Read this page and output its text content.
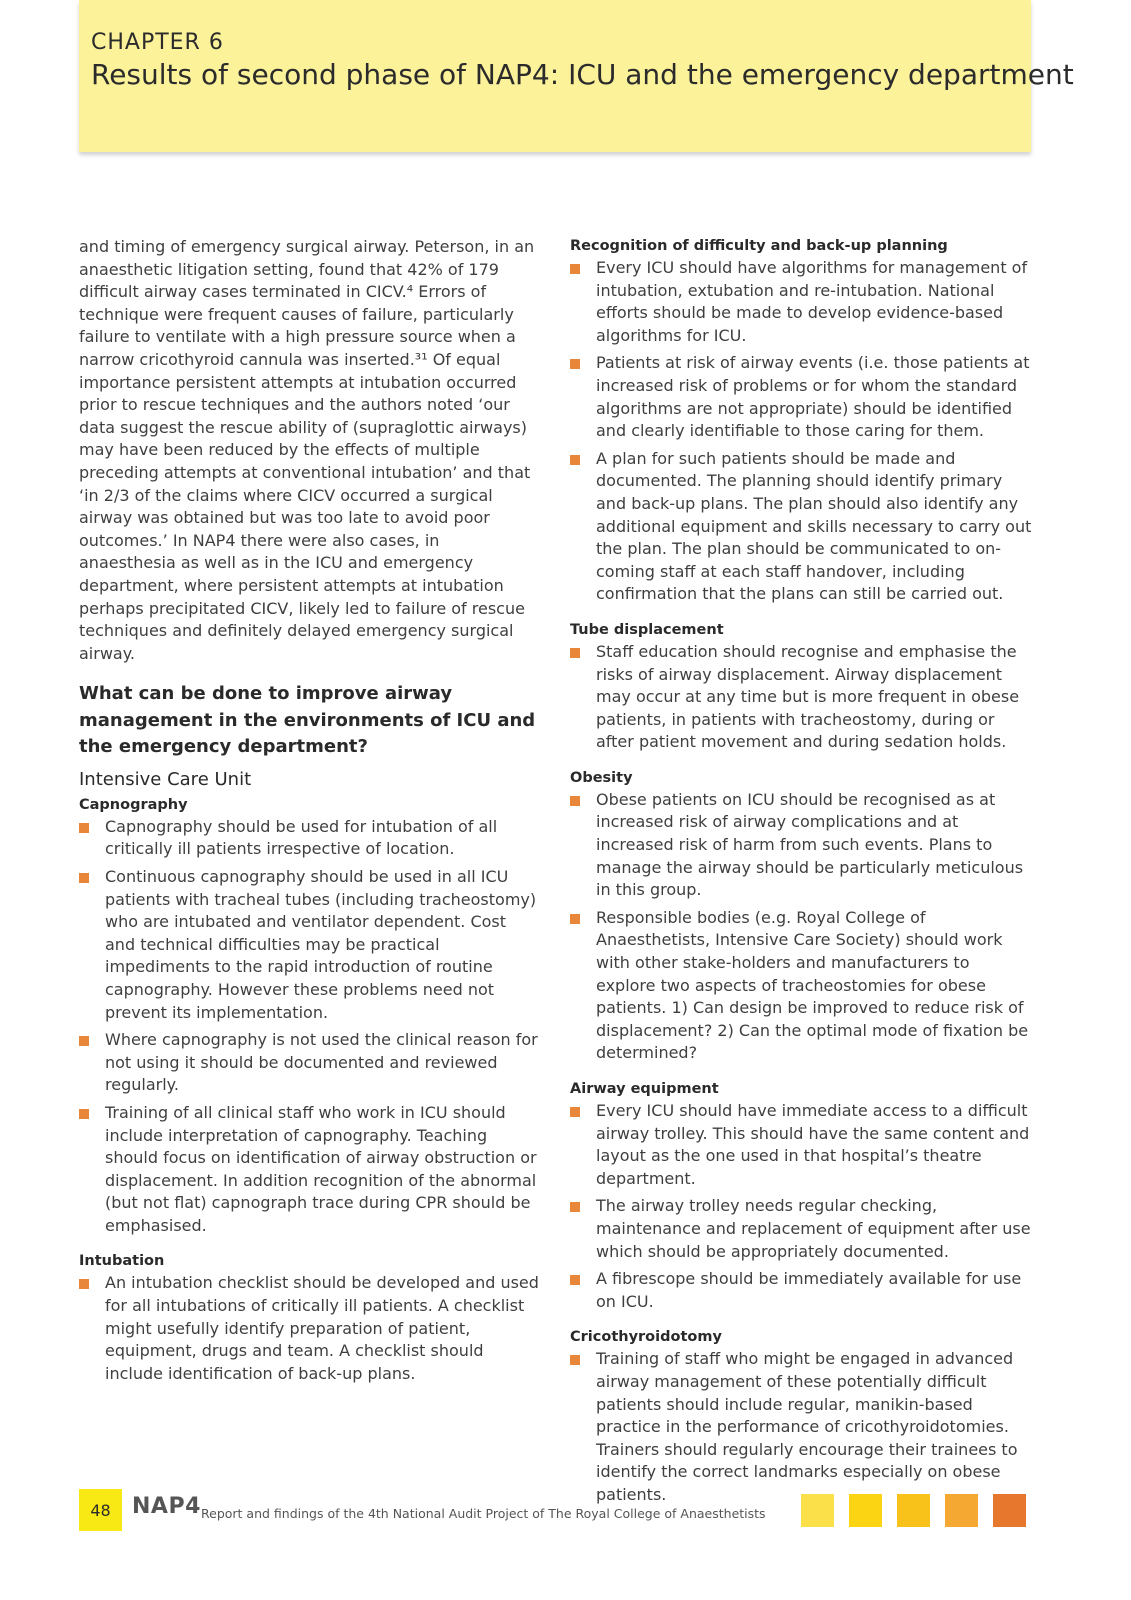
CHAPTER 6
Results of second phase of NAP4: ICU and the emergency department

and timing of emergency surgical airway. Peterson, in an anaesthetic litigation setting, found that 42% of 179 difficult airway cases terminated in CICV.⁴ Errors of technique were frequent causes of failure, particularly failure to ventilate with a high pressure source when a narrow cricothyroid cannula was inserted.³¹ Of equal importance persistent attempts at intubation occurred prior to rescue techniques and the authors noted ‘our data suggest the rescue ability of (supraglottic airways) may have been reduced by the effects of multiple preceding attempts at conventional intubation’ and that ‘in 2/3 of the claims where CICV occurred a surgical airway was obtained but was too late to avoid poor outcomes.’ In NAP4 there were also cases, in anaesthesia as well as in the ICU and emergency department, where persistent attempts at intubation perhaps precipitated CICV, likely led to failure of rescue techniques and definitely delayed emergency surgical airway.

What can be done to improve airway management in the environments of ICU and the emergency department?
Intensive Care Unit
Capnography
Capnography should be used for intubation of all critically ill patients irrespective of location.
Continuous capnography should be used in all ICU patients with tracheal tubes (including tracheostomy) who are intubated and ventilator dependent. Cost and technical difficulties may be practical impediments to the rapid introduction of routine capnography. However these problems need not prevent its implementation.
Where capnography is not used the clinical reason for not using it should be documented and reviewed regularly.
Training of all clinical staff who work in ICU should include interpretation of capnography. Teaching should focus on identification of airway obstruction or displacement. In addition recognition of the abnormal (but not flat) capnograph trace during CPR should be emphasised.
Intubation
An intubation checklist should be developed and used for all intubations of critically ill patients. A checklist might usefully identify preparation of patient, equipment, drugs and team. A checklist should include identification of back-up plans.
Recognition of difficulty and back-up planning
Every ICU should have algorithms for management of intubation, extubation and re-intubation. National efforts should be made to develop evidence-based algorithms for ICU.
Patients at risk of airway events (i.e. those patients at increased risk of problems or for whom the standard algorithms are not appropriate) should be identified and clearly identifiable to those caring for them.
A plan for such patients should be made and documented. The planning should identify primary and back-up plans. The plan should also identify any additional equipment and skills necessary to carry out the plan. The plan should be communicated to on-coming staff at each staff handover, including confirmation that the plans can still be carried out.
Tube displacement
Staff education should recognise and emphasise the risks of airway displacement. Airway displacement may occur at any time but is more frequent in obese patients, in patients with tracheostomy, during or after patient movement and during sedation holds.
Obesity
Obese patients on ICU should be recognised as at increased risk of airway complications and at increased risk of harm from such events. Plans to manage the airway should be particularly meticulous in this group.
Responsible bodies (e.g. Royal College of Anaesthetists, Intensive Care Society) should work with other stake-holders and manufacturers to explore two aspects of tracheostomies for obese patients. 1) Can design be improved to reduce risk of displacement? 2) Can the optimal mode of fixation be determined?
Airway equipment
Every ICU should have immediate access to a difficult airway trolley. This should have the same content and layout as the one used in that hospital’s theatre department.
The airway trolley needs regular checking, maintenance and replacement of equipment after use which should be appropriately documented.
A fibrescope should be immediately available for use on ICU.
Cricothyroidotomy
Training of staff who might be engaged in advanced airway management of these potentially difficult patients should include regular, manikin-based practice in the performance of cricothyroidotomies. Trainers should regularly encourage their trainees to identify the correct landmarks especially on obese patients.
48 NAP4 Report and findings of the 4th National Audit Project of The Royal College of Anaesthetists
